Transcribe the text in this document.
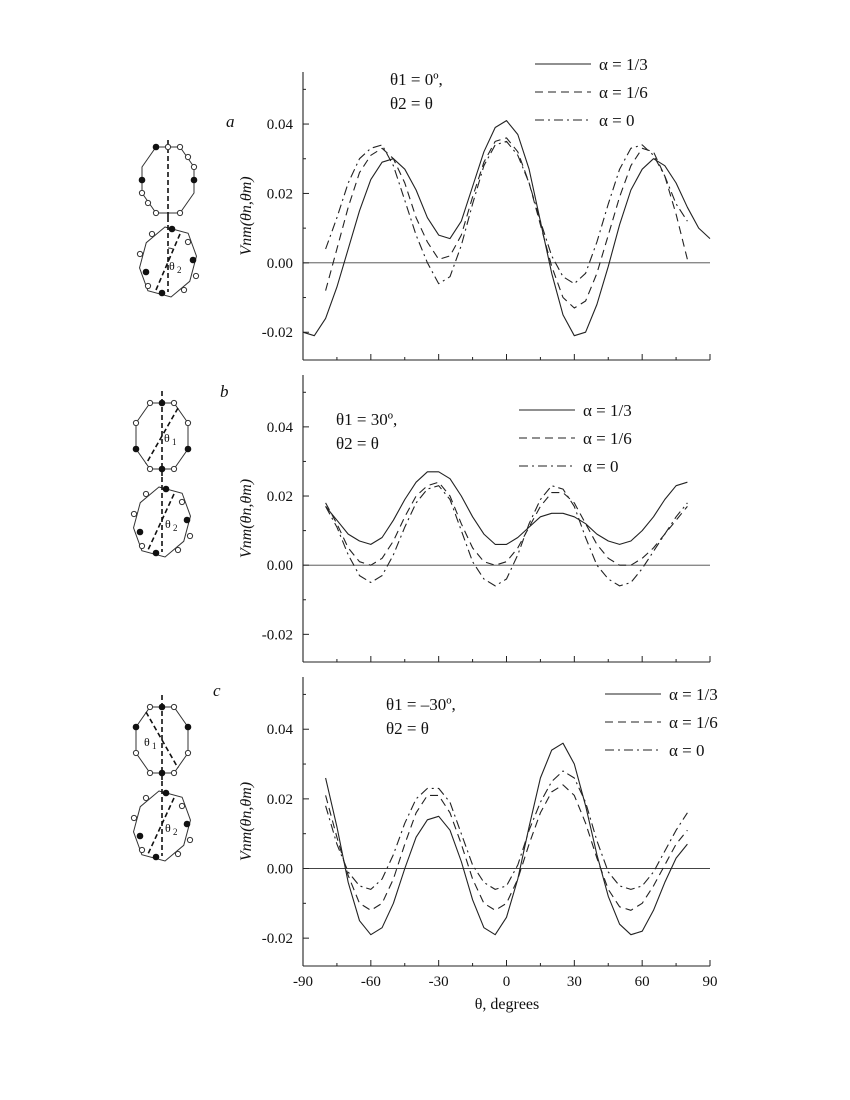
θ 2
a
-0.02
0.00
0.02
0.04
Vnm(θn,θm)
α = 1/3
α = 1/6
α = 0
θ1 = 0º,
θ2 = θ
θ 1
θ 2
b
-0.02
0.00
0.02
0.04
Vnm(θn,θm)
α = 1/3
α = 1/6
α = 0
θ1 = 30º,
θ2 = θ
θ 1
θ 2
c
-0.02
0.00
0.02
0.04
-90	-60	-30	0	30	60	90
Vnm(θn,θm)
α = 1/3
α = 1/6
α = 0
θ1 = –30º,
θ2 = θ
θ, degrees
